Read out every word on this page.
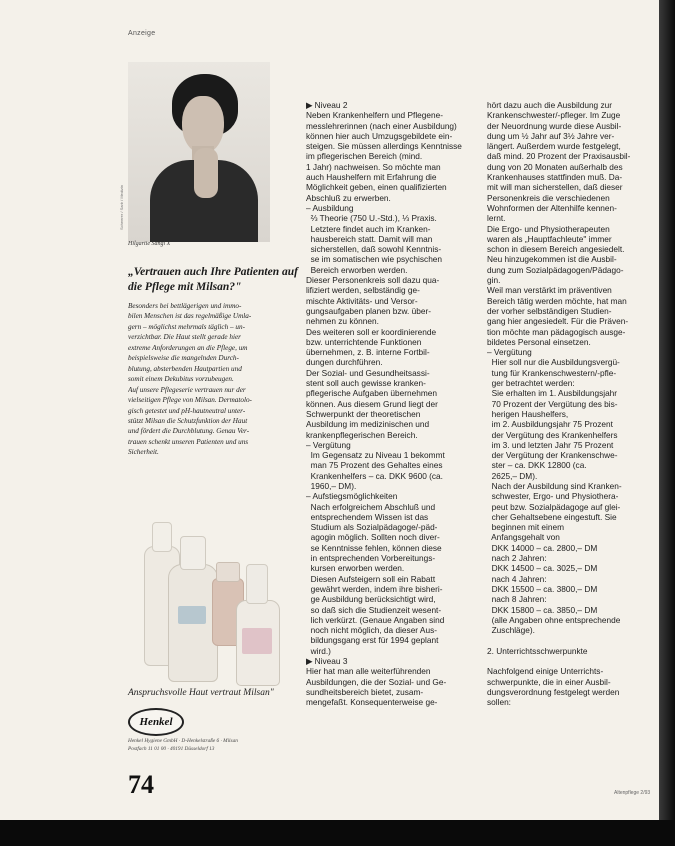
Anzeige
Scheerer / Sarb / Medizin
Hilgartie Sängl X
„Vertrauen auch Ihre Patienten auf die Pflege mit Milsan?"
Besonders bei bettlägerigen und immo-
bilen Menschen ist das regelmäßige Umla-
gern – möglichst mehrmals täglich – un-
verzichtbar. Die Haut stellt gerade hier
extreme Anforderungen an die Pflege, um
beispielsweise die mangelnden Durch-
blutung, absterbenden Hautpartien und
somit einem Dekubitus vorzubeugen.
Auf unsere Pflegeserie vertrauen nur der
vielseitigen Pflege von Milsan. Dermatolo-
gisch getestet und pH-hautneutral unter-
stützt Milsan die Schutzfunktion der Haut
und fördert die Durchblutung. Genau Ver-
trauen schenkt unseren Patienten und uns
Sicherheit.
Anspruchsvolle Haut vertraut Milsan"
Henkel
Henkel Hygiene GmbH · D-Henkelstraße 6 · Milsan
Postfach 11 01 00 · 40191 Düsseldorf 13
74
▶ Niveau 2
Neben Krankenhelfern und Pflegene-
messlehrerinnen (nach einer Ausbildung)
können hier auch Umzugsgebildete ein-
steigen. Sie müssen allerdings Kenntnisse
im pflegerischen Bereich (mind.
1 Jahr) nachweisen. So möchte man
auch Haushelfern mit Erfahrung die
Möglichkeit geben, einen qualifizierten
Abschluß zu erwerben.
– Ausbildung
⅔ Theorie (750 U.-Std.), ⅓ Praxis.
Letztere findet auch im Kranken-
hausbereich statt. Damit will man
sicherstellen, daß sowohl Kenntnis-
se im somatischen wie psychischen
Bereich erworben werden.
Dieser Personenkreis soll dazu qua-
lifiziert werden, selbständig ge-
mischte Aktivitäts- und Versor-
gungsaufgaben planen bzw. über-
nehmen zu können.
Des weiteren soll er koordinierende
bzw. unterrichtende Funktionen
übernehmen, z. B. interne Fortbil-
dungen durchführen.
Der Sozial- und Gesundheitsassi-
stent soll auch gewisse kranken-
pflegerische Aufgaben übernehmen
können. Aus diesem Grund liegt der
Schwerpunkt der theoretischen
Ausbildung im medizinischen und
krankenpflegerischen Bereich.
– Vergütung
Im Gegensatz zu Niveau 1 bekommt
man 75 Prozent des Gehaltes eines
Krankenhelfers – ca. DKK 9600 (ca.
1960,– DM).
– Aufstiegsmöglichkeiten
Nach erfolgreichem Abschluß und
entsprechendem Wissen ist das
Studium als Sozialpädagoge/-päd-
agogin möglich. Sollten noch diver-
se Kenntnisse fehlen, können diese
in entsprechenden Vorbereitungs-
kursen erworben werden.
Diesen Aufsteigern soll ein Rabatt
gewährt werden, indem ihre bisheri-
ge Ausbildung berücksichtigt wird,
so daß sich die Studienzeit wesent-
lich verkürzt. (Genaue Angaben sind
noch nicht möglich, da dieser Aus-
bildungsgang erst für 1994 geplant
wird.)
▶ Niveau 3
Hier hat man alle weiterführenden
Ausbildungen, die der Sozial- und Ge-
sundheitsbereich bietet, zusam-
mengefaßt. Konsequenterweise ge-
hört dazu auch die Ausbildung zur
Krankenschwester/-pfleger. Im Zuge
der Neuordnung wurde diese Ausbil-
dung um ½ Jahr auf 3½ Jahre ver-
längert. Außerdem wurde festgelegt,
daß mind. 20 Prozent der Praxisausbil-
dung von 20 Monaten außerhalb des
Krankenhauses stattfinden muß. Da-
mit will man sicherstellen, daß dieser
Personenkreis die verschiedenen
Wohnformen der Altenhilfe kennen-
lernt.
Die Ergo- und Physiotherapeuten
waren als „Hauptfachleute" immer
schon in diesem Bereich angesiedelt.
Neu hinzugekommen ist die Ausbil-
dung zum Sozialpädagogen/Pädago-
gin.
Weil man verstärkt im präventiven
Bereich tätig werden möchte, hat man
der vorher selbständigen Studien-
gang hier angesiedelt. Für die Präven-
tion möchte man pädagogisch ausge-
bildetes Personal einsetzen.
– Vergütung
Hier soll nur die Ausbildungsvergü-
tung für Krankenschwestern/-pfle-
ger betrachtet werden:
Sie erhalten im 1. Ausbildungsjahr
70 Prozent der Vergütung des bis-
herigen Haushelfers,
im 2. Ausbildungsjahr 75 Prozent
der Vergütung des Krankenhelfers
im 3. und letzten Jahr 75 Prozent
der Vergütung der Krankenschwe-
ster – ca. DKK 12800 (ca.
2625,– DM).
Nach der Ausbildung sind Kranken-
schwester, Ergo- und Physiothera-
peut bzw. Sozialpädagoge auf glei-
cher Gehaltsebene eingestuft. Sie
beginnen mit einem
Anfangsgehalt von
DKK 14000 – ca. 2800,– DM
nach 2 Jahren:
DKK 14500 – ca. 3025,– DM
nach 4 Jahren:
DKK 15500 – ca. 3800,– DM
nach 8 Jahren:
DKK 15800 – ca. 3850,– DM
(alle Angaben ohne entsprechende
Zuschläge).
2. Unterrichtsschwerpunkte
Nachfolgend einige Unterrichts-
schwerpunkte, die in einer Ausbil-
dungsverordnung festgelegt werden
sollen:
Altenpflege 2/93
